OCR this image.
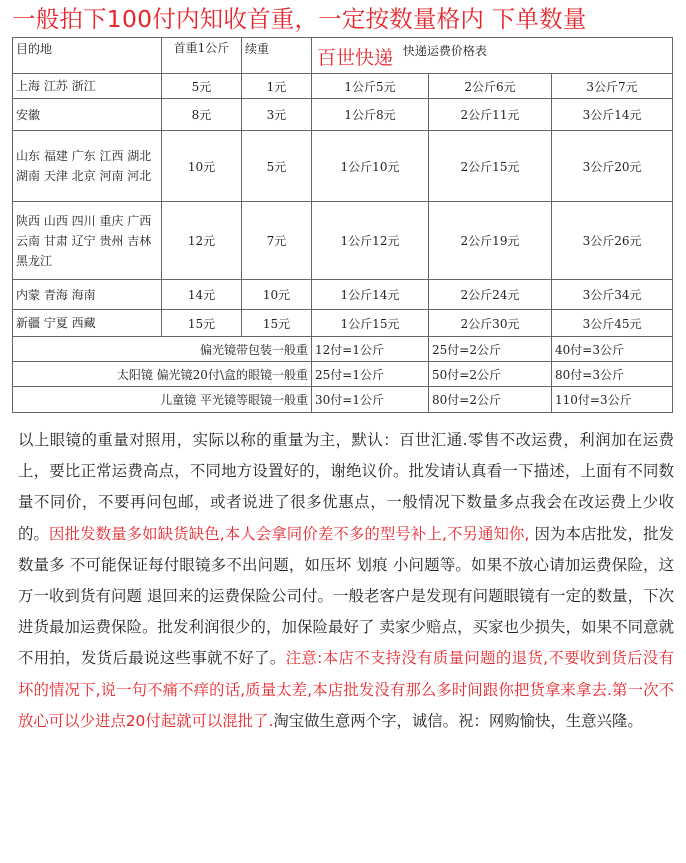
一般拍下100付内知收首重，一定按数量格内 下单数量
目的地	首重1公斤	续重	百世快递 快递运费价格表		
上海 江苏 浙江	5元	1元	1公斤5元	2公斤6元	3公斤7元
安徽	8元	3元	1公斤8元	2公斤11元	3公斤14元
山东 福建 广东 江西 湖北 湖南 天津 北京 河南 河北	10元	5元	1公斤10元	2公斤15元	3公斤20元
陕西 山西 四川 重庆 广西 云南 甘肃 辽宁 贵州 吉林 黑龙江	12元	7元	1公斤12元	2公斤19元	3公斤26元
内蒙 青海 海南	14元	10元	1公斤14元	2公斤24元	3公斤34元
新疆 宁夏 西藏	15元	15元	1公斤15元	2公斤30元	3公斤45元
偏光镜带包装一般重			12付=1公斤	25付=2公斤	40付=3公斤
太阳镜 偏光镜20付\盒的眼镜一般重			25付=1公斤	50付=2公斤	80付=3公斤
儿童镜 平光镜等眼镜一般重			30付=1公斤	80付=2公斤	110付=3公斤
以上眼镜的重量对照用，实际以称的重量为主，默认：百世汇通.零售不改运费，利润加在运费上，要比正常运费高点，不同地方设置好的，谢绝议价。批发请认真看一下描述，上面有不同数量不同价，不要再问包邮，或者说进了很多优惠点，一般情况下数量多点我会在改运费上少收的。因批发数量多如缺货缺色,本人会拿同价差不多的型号补上,不另通知你, 因为本店批发，批发数量多 不可能保证每付眼镜多不出问题，如压坏 划痕 小问题等。如果不放心请加运费保险，这万一收到货有问题 退回来的运费保险公司付。一般老客户是发现有问题眼镜有一定的数量，下次进货最加运费保险。批发利润很少的，加保险最好了 卖家少赔点，买家也少损失，如果不同意就不用拍，发货后最说这些事就不好了。注意:本店不支持没有质量问题的退货,不要收到货后没有坏的情况下,说一句不痛不痒的话,质量太差,本店批发没有那么多时间跟你把货拿来拿去.第一次不放心可以少进点20付起就可以混批了.淘宝做生意两个字，诚信。祝：网购愉快，生意兴隆。
